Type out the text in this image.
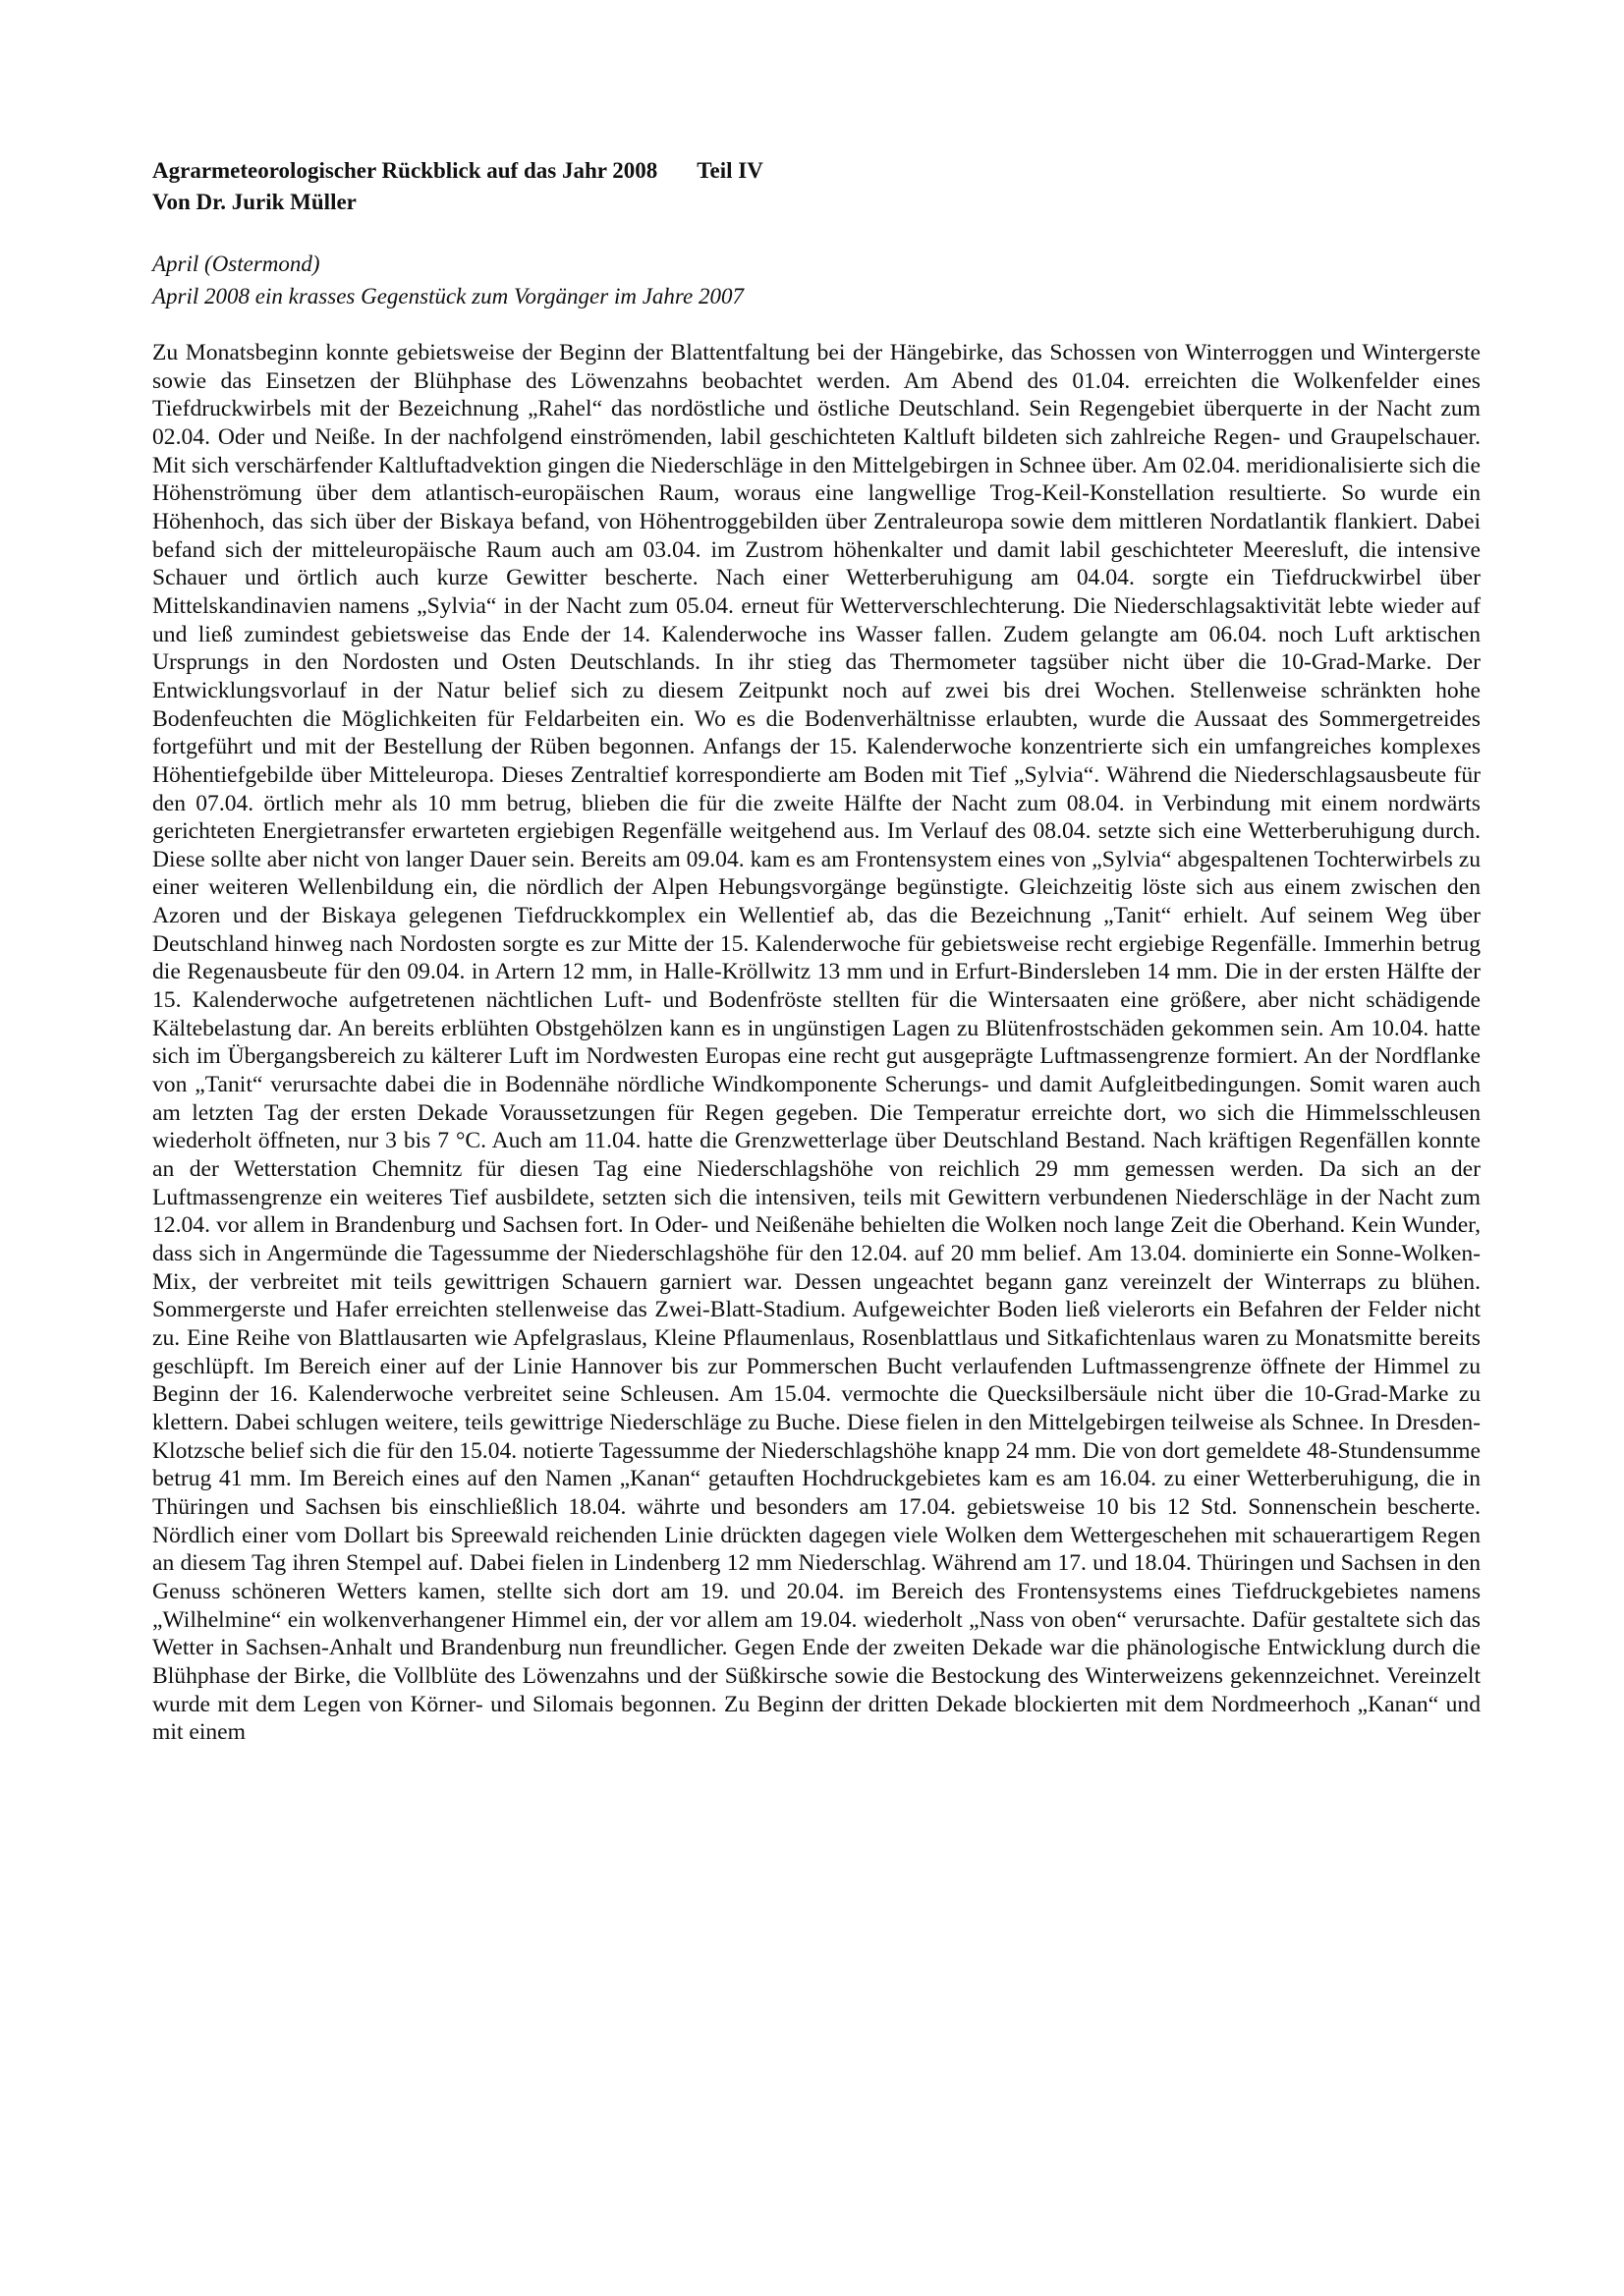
Agrarmeteorologischer Rückblick auf das Jahr 2008 Teil IV
Von Dr. Jurik Müller
April (Ostermond)
April 2008 ein krasses Gegenstück zum Vorgänger im Jahre 2007
Zu Monatsbeginn konnte gebietsweise der Beginn der Blattentfaltung bei der Hängebirke, das Schossen von Winterroggen und Wintergerste sowie das Einsetzen der Blühphase des Löwenzahns beobachtet werden. Am Abend des 01.04. erreichten die Wolkenfelder eines Tiefdruckwirbels mit der Bezeichnung „Rahel“ das nordöstliche und östliche Deutschland. Sein Regengebiet überquerte in der Nacht zum 02.04. Oder und Neiße. In der nachfolgend einströmenden, labil geschichteten Kaltluft bildeten sich zahlreiche Regen- und Graupelschauer. Mit sich verschärfender Kaltluftadvektion gingen die Niederschläge in den Mittelgebirgen in Schnee über. Am 02.04. meridionalisierte sich die Höhenströmung über dem atlantisch-europäischen Raum, woraus eine langwellige Trog-Keil-Konstellation resultierte. So wurde ein Höhenhoch, das sich über der Biskaya befand, von Höhentroggebilden über Zentraleuropa sowie dem mittleren Nordatlantik flankiert. Dabei befand sich der mitteleuropäische Raum auch am 03.04. im Zustrom höhenkalter und damit labil geschichteter Meeresluft, die intensive Schauer und örtlich auch kurze Gewitter bescherte. Nach einer Wetterberuhigung am 04.04. sorgte ein Tiefdruckwirbel über Mittelskandinavien namens „Sylvia“ in der Nacht zum 05.04. erneut für Wetterverschlechterung. Die Niederschlagsaktivität lebte wieder auf und ließ zumindest gebietsweise das Ende der 14. Kalenderwoche ins Wasser fallen. Zudem gelangte am 06.04. noch Luft arktischen Ursprungs in den Nordosten und Osten Deutschlands. In ihr stieg das Thermometer tagsüber nicht über die 10-Grad-Marke. Der Entwicklungsvorlauf in der Natur belief sich zu diesem Zeitpunkt noch auf zwei bis drei Wochen. Stellenweise schränkten hohe Bodenfeuchten die Möglichkeiten für Feldarbeiten ein. Wo es die Bodenverhältnisse erlaubten, wurde die Aussaat des Sommergetreides fortgeführt und mit der Bestellung der Rüben begonnen. Anfangs der 15. Kalenderwoche konzentrierte sich ein umfangreiches komplexes Höhentiefgebilde über Mitteleuropa. Dieses Zentraltief korrespondierte am Boden mit Tief „Sylvia“. Während die Niederschlagsausbeute für den 07.04. örtlich mehr als 10 mm betrug, blieben die für die zweite Hälfte der Nacht zum 08.04. in Verbindung mit einem nordwärts gerichteten Energietransfer erwarteten ergiebigen Regenfälle weitgehend aus. Im Verlauf des 08.04. setzte sich eine Wetterberuhigung durch. Diese sollte aber nicht von langer Dauer sein. Bereits am 09.04. kam es am Frontensystem eines von „Sylvia“ abgespaltenen Tochterwirbels zu einer weiteren Wellenbildung ein, die nördlich der Alpen Hebungsvorgänge begünstigte. Gleichzeitig löste sich aus einem zwischen den Azoren und der Biskaya gelegenen Tiefdruckkomplex ein Wellentief ab, das die Bezeichnung „Tanit“ erhielt. Auf seinem Weg über Deutschland hinweg nach Nordosten sorgte es zur Mitte der 15. Kalenderwoche für gebietsweise recht ergiebige Regenfälle. Immerhin betrug die Regenausbeute für den 09.04. in Artern 12 mm, in Halle-Kröllwitz 13 mm und in Erfurt-Bindersleben 14 mm. Die in der ersten Hälfte der 15. Kalenderwoche aufgetretenen nächtlichen Luft- und Bodenfröste stellten für die Wintersaaten eine größere, aber nicht schädigende Kältebelastung dar. An bereits erblühten Obstgehölzen kann es in ungünstigen Lagen zu Blütenfrostschäden gekommen sein. Am 10.04. hatte sich im Übergangsbereich zu kälterer Luft im Nordwesten Europas eine recht gut ausgeprägte Luftmassengrenze formiert. An der Nordflanke von „Tanit“ verursachte dabei die in Bodennähe nördliche Windkomponente Scherungs- und damit Aufgleitbedingungen. Somit waren auch am letzten Tag der ersten Dekade Voraussetzungen für Regen gegeben. Die Temperatur erreichte dort, wo sich die Himmelsschleusen wiederholt öffneten, nur 3 bis 7 °C. Auch am 11.04. hatte die Grenzwetterlage über Deutschland Bestand. Nach kräftigen Regenfällen konnte an der Wetterstation Chemnitz für diesen Tag eine Niederschlagshöhe von reichlich 29 mm gemessen werden. Da sich an der Luftmassengrenze ein weiteres Tief ausbildete, setzten sich die intensiven, teils mit Gewittern verbundenen Niederschläge in der Nacht zum 12.04. vor allem in Brandenburg und Sachsen fort. In Oder- und Neißenähe behielten die Wolken noch lange Zeit die Oberhand. Kein Wunder, dass sich in Angermünde die Tagessumme der Niederschlagshöhe für den 12.04. auf 20 mm belief. Am 13.04. dominierte ein Sonne-Wolken-Mix, der verbreitet mit teils gewittrigen Schauern garniert war. Dessen ungeachtet begann ganz vereinzelt der Winterraps zu blühen. Sommergerste und Hafer erreichten stellenweise das Zwei-Blatt-Stadium. Aufgeweichter Boden ließ vielerorts ein Befahren der Felder nicht zu. Eine Reihe von Blattlausarten wie Apfelgraslaus, Kleine Pflaumenlaus, Rosenblattlaus und Sitkafichtenlaus waren zu Monatsmitte bereits geschlüpft. Im Bereich einer auf der Linie Hannover bis zur Pommerschen Bucht verlaufenden Luftmassengrenze öffnete der Himmel zu Beginn der 16. Kalenderwoche verbreitet seine Schleusen. Am 15.04. vermochte die Quecksilbersäule nicht über die 10-Grad-Marke zu klettern. Dabei schlugen weitere, teils gewittrige Niederschläge zu Buche. Diese fielen in den Mittelgebirgen teilweise als Schnee. In Dresden-Klotzsche belief sich die für den 15.04. notierte Tagessumme der Niederschlagshöhe knapp 24 mm. Die von dort gemeldete 48-Stundensumme betrug 41 mm. Im Bereich eines auf den Namen „Kanan“ getauften Hochdruckgebietes kam es am 16.04. zu einer Wetterberuhigung, die in Thüringen und Sachsen bis einschließlich 18.04. währte und besonders am 17.04. gebietsweise 10 bis 12 Std. Sonnenschein bescherte. Nördlich einer vom Dollart bis Spreewald reichenden Linie drückten dagegen viele Wolken dem Wettergeschehen mit schauerartigem Regen an diesem Tag ihren Stempel auf. Dabei fielen in Lindenberg 12 mm Niederschlag. Während am 17. und 18.04. Thüringen und Sachsen in den Genuss schöneren Wetters kamen, stellte sich dort am 19. und 20.04. im Bereich des Frontensystems eines Tiefdruckgebietes namens „Wilhelmine“ ein wolkenverhangener Himmel ein, der vor allem am 19.04. wiederholt „Nass von oben“ verursachte. Dafür gestaltete sich das Wetter in Sachsen-Anhalt und Brandenburg nun freundlicher. Gegen Ende der zweiten Dekade war die phänologische Entwicklung durch die Blühphase der Birke, die Vollblüte des Löwenzahns und der Süßkirsche sowie die Bestockung des Winterweizens gekennzeichnet. Vereinzelt wurde mit dem Legen von Körner- und Silomais begonnen. Zu Beginn der dritten Dekade blockierten mit dem Nordmeerhoch „Kanan“ und mit einem
